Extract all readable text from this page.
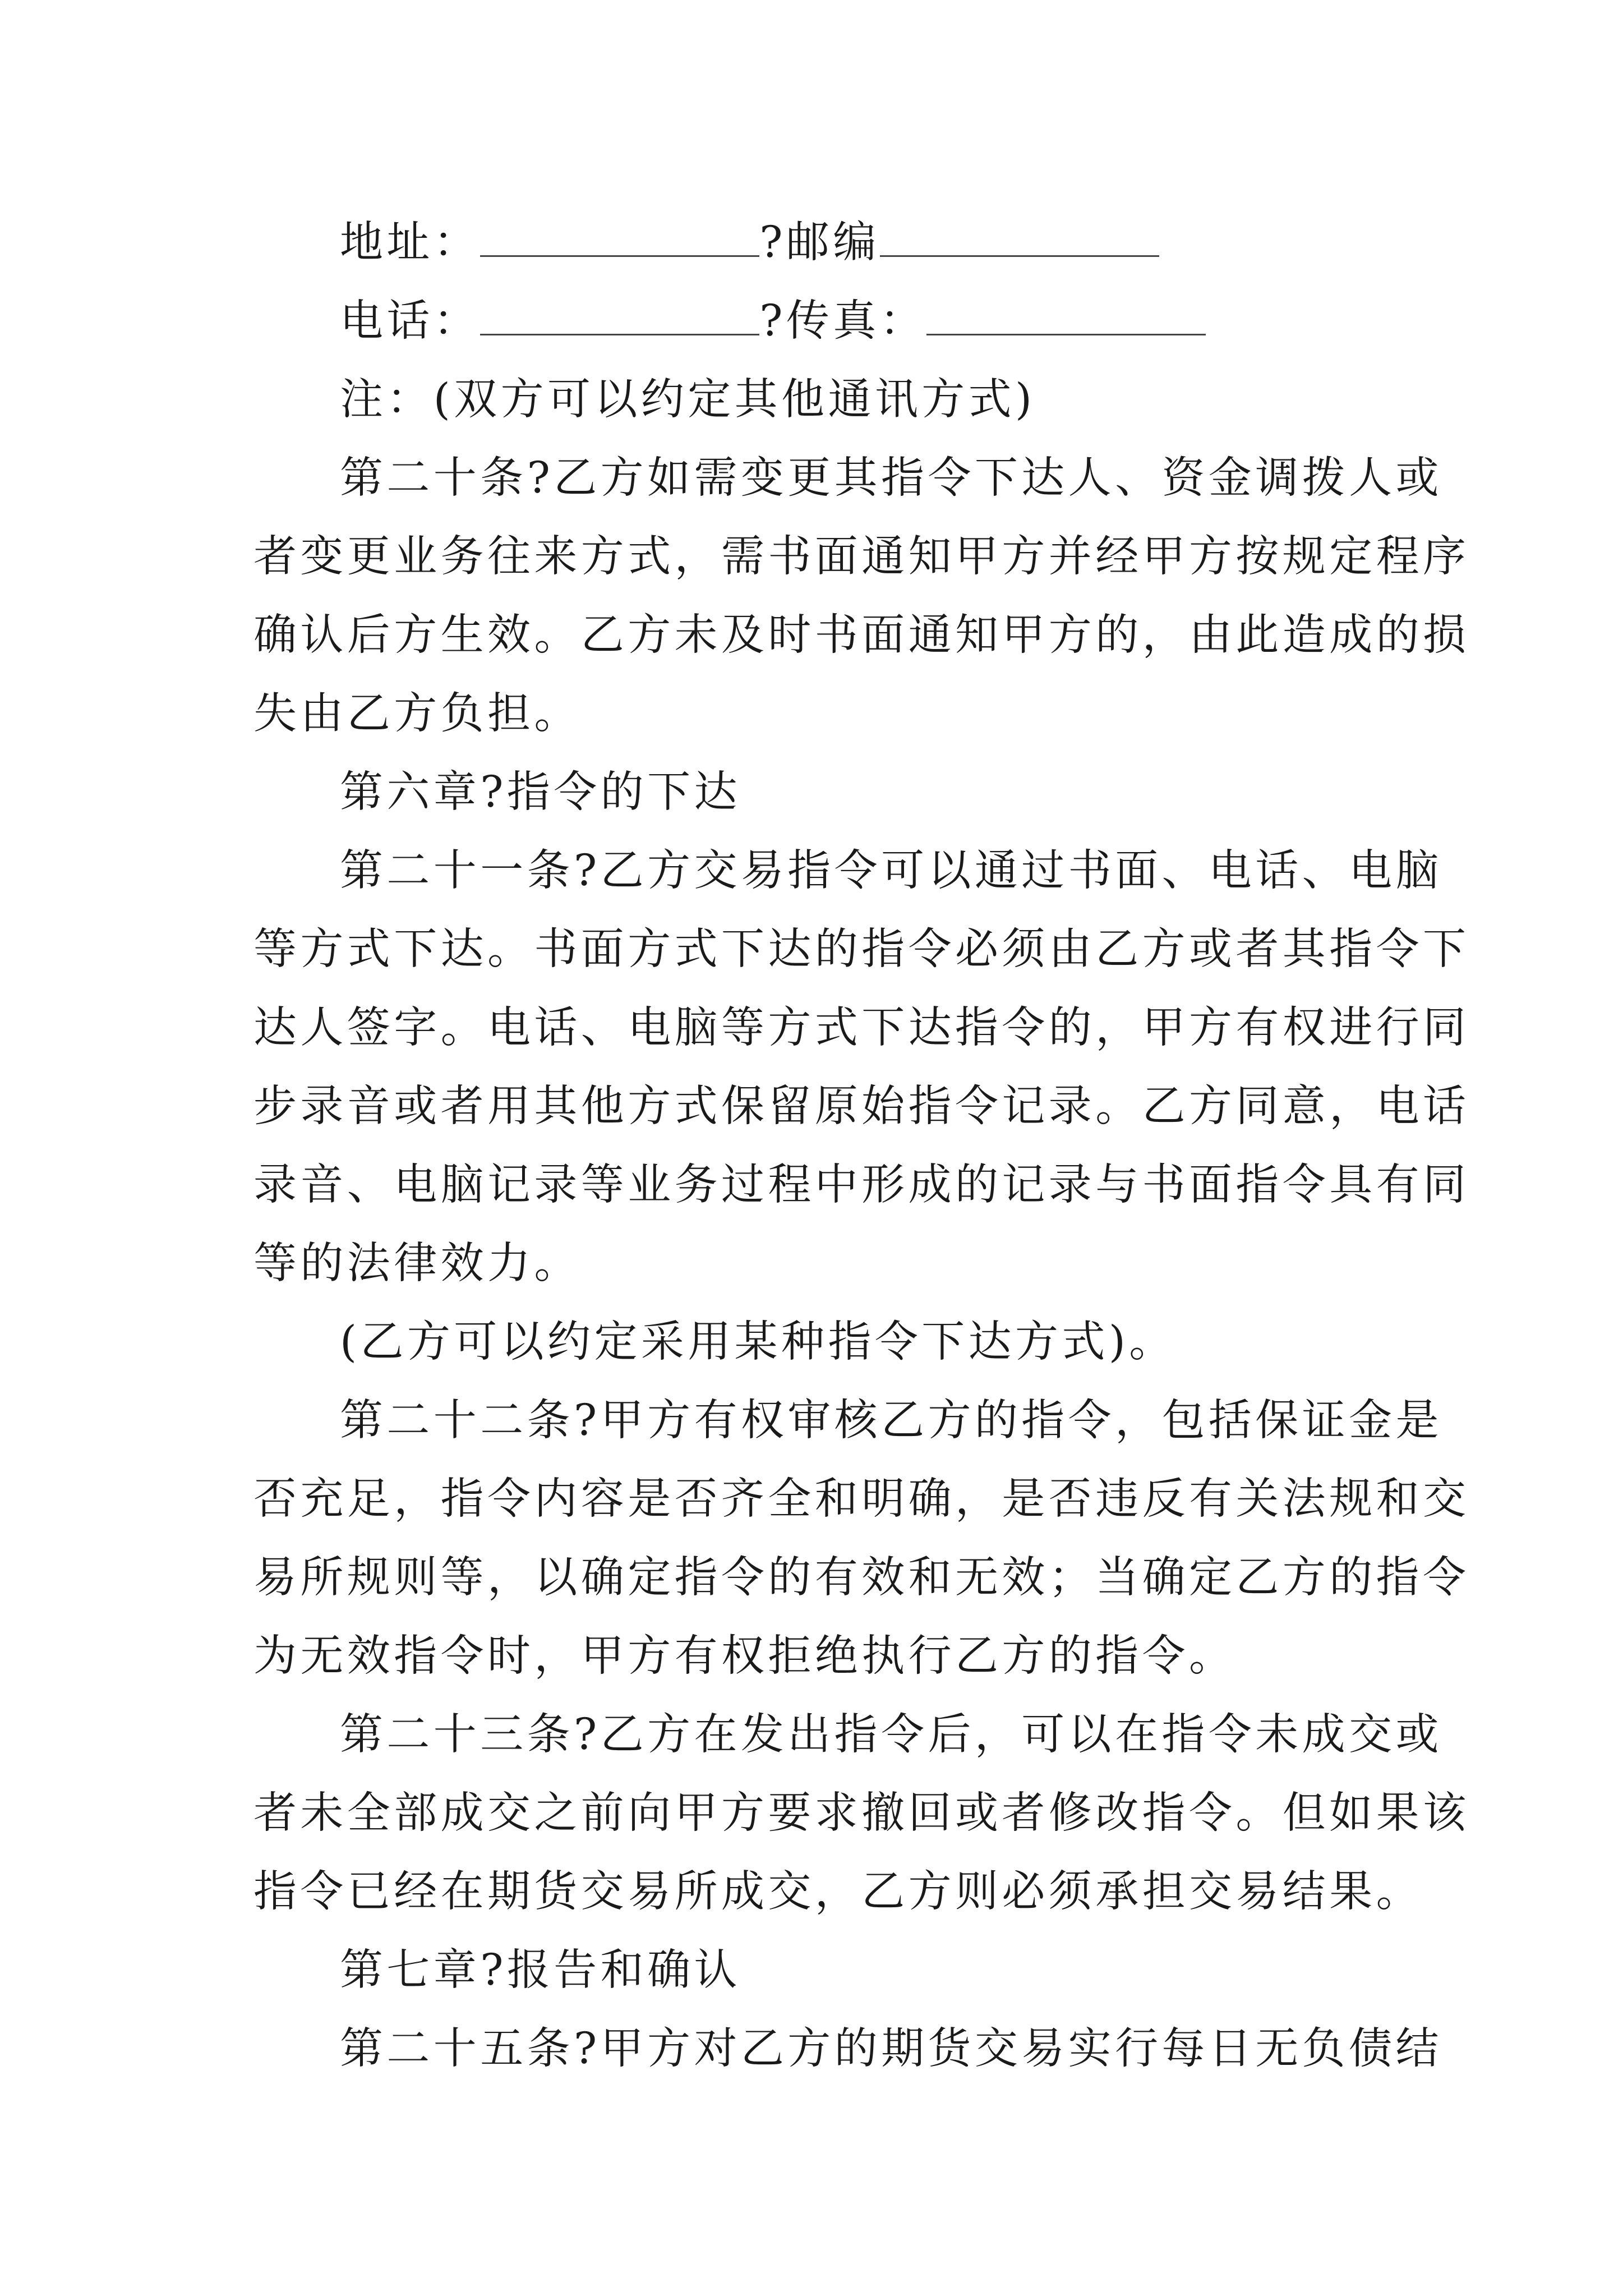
地址：	?邮编
电话：	?传真：
注：(双方可以约定其他通讯方式)
第二十条?乙方如需变更其指令下达人、资金调拨人或
者变更业务往来方式，需书面通知甲方并经甲方按规定程序
确认后方生效。乙方未及时书面通知甲方的，由此造成的损
失由乙方负担。
第六章?指令的下达
第二十一条?乙方交易指令可以通过书面、电话、电脑
等方式下达。书面方式下达的指令必须由乙方或者其指令下
达人签字。电话、电脑等方式下达指令的，甲方有权进行同
步录音或者用其他方式保留原始指令记录。乙方同意，电话
录音、电脑记录等业务过程中形成的记录与书面指令具有同
等的法律效力。
(乙方可以约定采用某种指令下达方式)。
第二十二条?甲方有权审核乙方的指令，包括保证金是
否充足，指令内容是否齐全和明确，是否违反有关法规和交
易所规则等，以确定指令的有效和无效；当确定乙方的指令
为无效指令时，甲方有权拒绝执行乙方的指令。
第二十三条?乙方在发出指令后，可以在指令未成交或
者未全部成交之前向甲方要求撤回或者修改指令。但如果该
指令已经在期货交易所成交，乙方则必须承担交易结果。
第七章?报告和确认
第二十五条?甲方对乙方的期货交易实行每日无负债结
